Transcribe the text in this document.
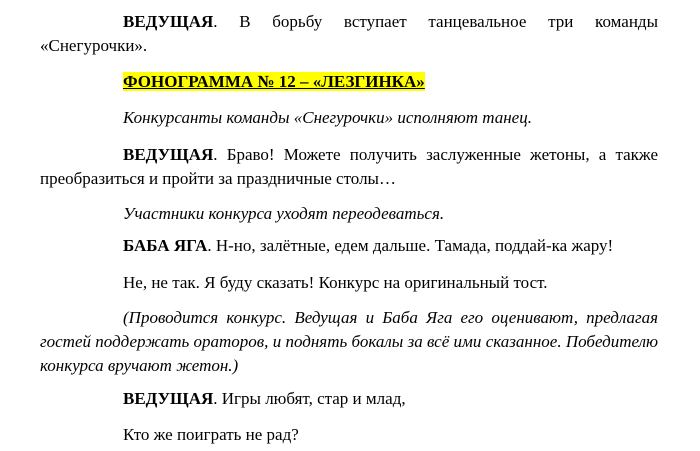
ВЕДУЩАЯ. В борьбу вступает танцевальное три команды «Снегурочки».

ФОНОГРАММА № 12 – «ЛЕЗГИНКА»

Конкурсанты команды «Снегурочки» исполняют танец.

ВЕДУЩАЯ. Браво! Можете получить заслуженные жетоны, а также преобразиться и пройти за праздничные столы…

Участники конкурса уходят переодеваться.

БАБА ЯГА. Н-но, залётные, едем дальше. Тамада, поддай-ка жару!

Не, не так. Я буду сказать! Конкурс на оригинальный тост.

(Проводится конкурс. Ведущая и Баба Яга его оценивают, предлагая гостей поддержать ораторов, и поднять бокалы за всё ими сказанное. Победителю конкурса вручают жетон.)

ВЕДУЩАЯ. Игры любят, стар и млад,

Кто же поиграть не рад?
